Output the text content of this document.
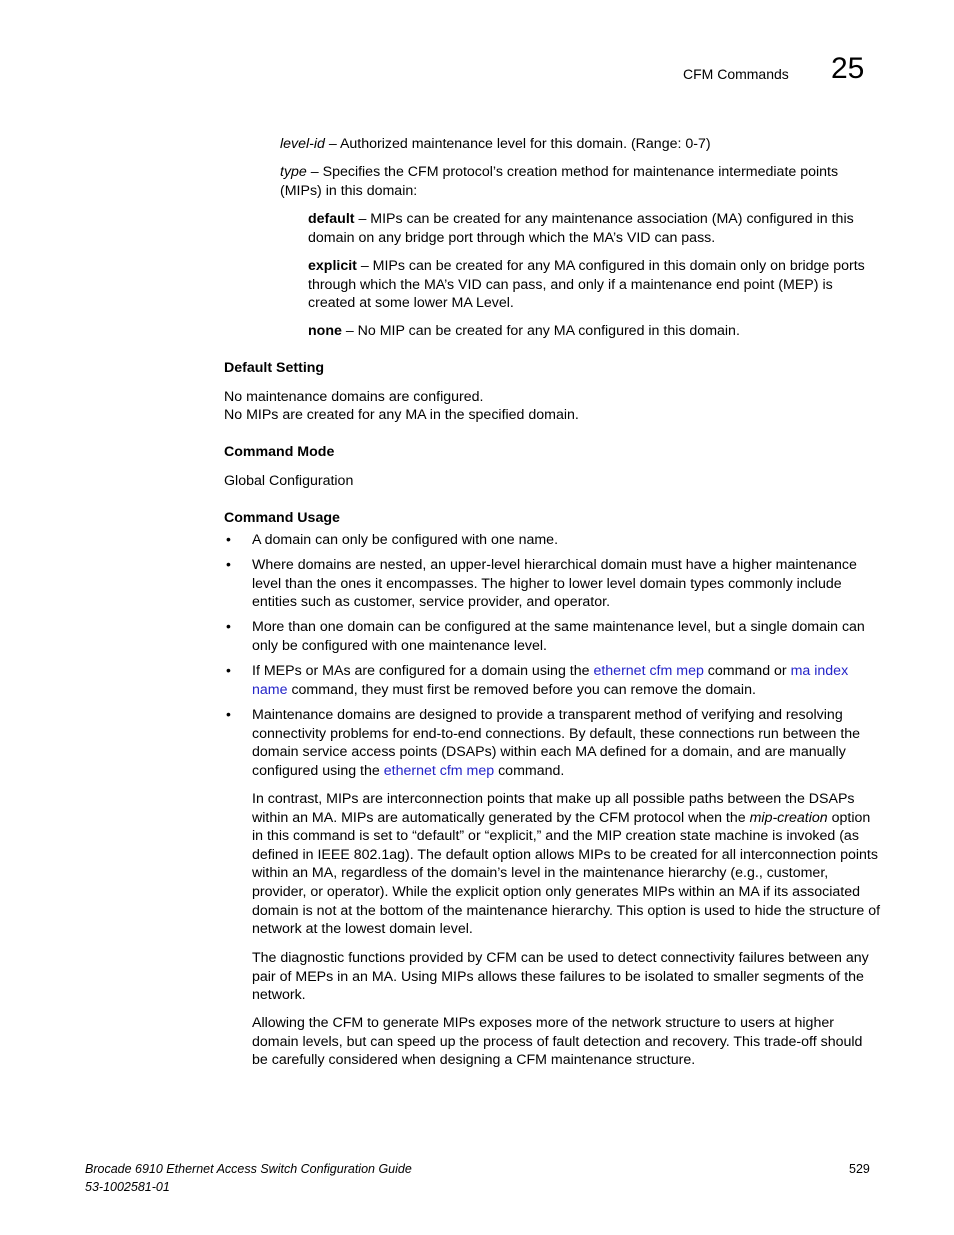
CFM Commands 25
level-id – Authorized maintenance level for this domain. (Range: 0-7)
type – Specifies the CFM protocol’s creation method for maintenance intermediate points (MIPs) in this domain:
default – MIPs can be created for any maintenance association (MA) configured in this domain on any bridge port through which the MA’s VID can pass.
explicit – MIPs can be created for any MA configured in this domain only on bridge ports through which the MA’s VID can pass, and only if a maintenance end point (MEP) is created at some lower MA Level.
none – No MIP can be created for any MA configured in this domain.
Default Setting
No maintenance domains are configured.
No MIPs are created for any MA in the specified domain.
Command Mode
Global Configuration
Command Usage
• A domain can only be configured with one name.
• Where domains are nested, an upper-level hierarchical domain must have a higher maintenance level than the ones it encompasses. The higher to lower level domain types commonly include entities such as customer, service provider, and operator.
• More than one domain can be configured at the same maintenance level, but a single domain can only be configured with one maintenance level.
• If MEPs or MAs are configured for a domain using the ethernet cfm mep command or ma index name command, they must first be removed before you can remove the domain.
• Maintenance domains are designed to provide a transparent method of verifying and resolving connectivity problems for end-to-end connections. By default, these connections run between the domain service access points (DSAPs) within each MA defined for a domain, and are manually configured using the ethernet cfm mep command.
In contrast, MIPs are interconnection points that make up all possible paths between the DSAPs within an MA. MIPs are automatically generated by the CFM protocol when the mip-creation option in this command is set to “default” or “explicit,” and the MIP creation state machine is invoked (as defined in IEEE 802.1ag). The default option allows MIPs to be created for all interconnection points within an MA, regardless of the domain’s level in the maintenance hierarchy (e.g., customer, provider, or operator). While the explicit option only generates MIPs within an MA if its associated domain is not at the bottom of the maintenance hierarchy. This option is used to hide the structure of network at the lowest domain level.
The diagnostic functions provided by CFM can be used to detect connectivity failures between any pair of MEPs in an MA. Using MIPs allows these failures to be isolated to smaller segments of the network.
Allowing the CFM to generate MIPs exposes more of the network structure to users at higher domain levels, but can speed up the process of fault detection and recovery. This trade-off should be carefully considered when designing a CFM maintenance structure.
Brocade 6910 Ethernet Access Switch Configuration Guide
53-1002581-01
529
